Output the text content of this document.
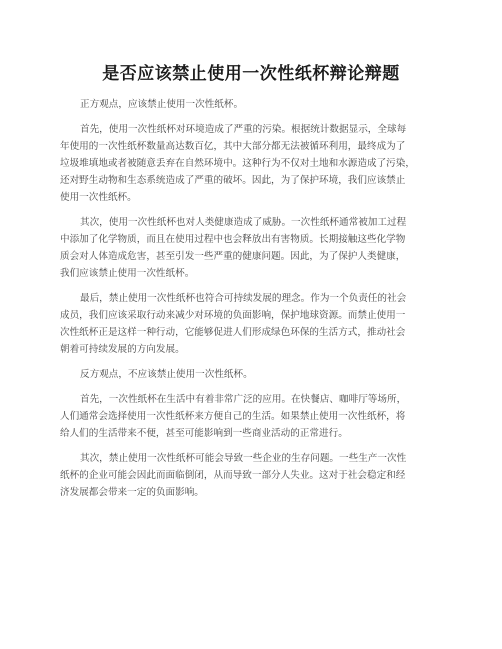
是否应该禁止使用一次性纸杯辩论辩题
正方观点，应该禁止使用一次性纸杯。
首先，使用一次性纸杯对环境造成了严重的污染。根据统计数据显示，全球每
年使用的一次性纸杯数量高达数百亿，其中大部分都无法被循环利用，最终成为了
垃圾堆填地或者被随意丢弃在自然环境中。这种行为不仅对土地和水源造成了污染，
还对野生动物和生态系统造成了严重的破坏。因此，为了保护环境，我们应该禁止
使用一次性纸杯。
其次，使用一次性纸杯也对人类健康造成了威胁。一次性纸杯通常被加工过程
中添加了化学物质，而且在使用过程中也会释放出有害物质。长期接触这些化学物
质会对人体造成危害，甚至引发一些严重的健康问题。因此，为了保护人类健康，
我们应该禁止使用一次性纸杯。
最后，禁止使用一次性纸杯也符合可持续发展的理念。作为一个负责任的社会
成员，我们应该采取行动来减少对环境的负面影响，保护地球资源。而禁止使用一
次性纸杯正是这样一种行动，它能够促进人们形成绿色环保的生活方式，推动社会
朝着可持续发展的方向发展。
反方观点，不应该禁止使用一次性纸杯。
首先，一次性纸杯在生活中有着非常广泛的应用。在快餐店、咖啡厅等场所，
人们通常会选择使用一次性纸杯来方便自己的生活。如果禁止使用一次性纸杯，将
给人们的生活带来不便，甚至可能影响到一些商业活动的正常进行。
其次，禁止使用一次性纸杯可能会导致一些企业的生存问题。一些生产一次性
纸杯的企业可能会因此而面临倒闭，从而导致一部分人失业。这对于社会稳定和经
济发展都会带来一定的负面影响。
